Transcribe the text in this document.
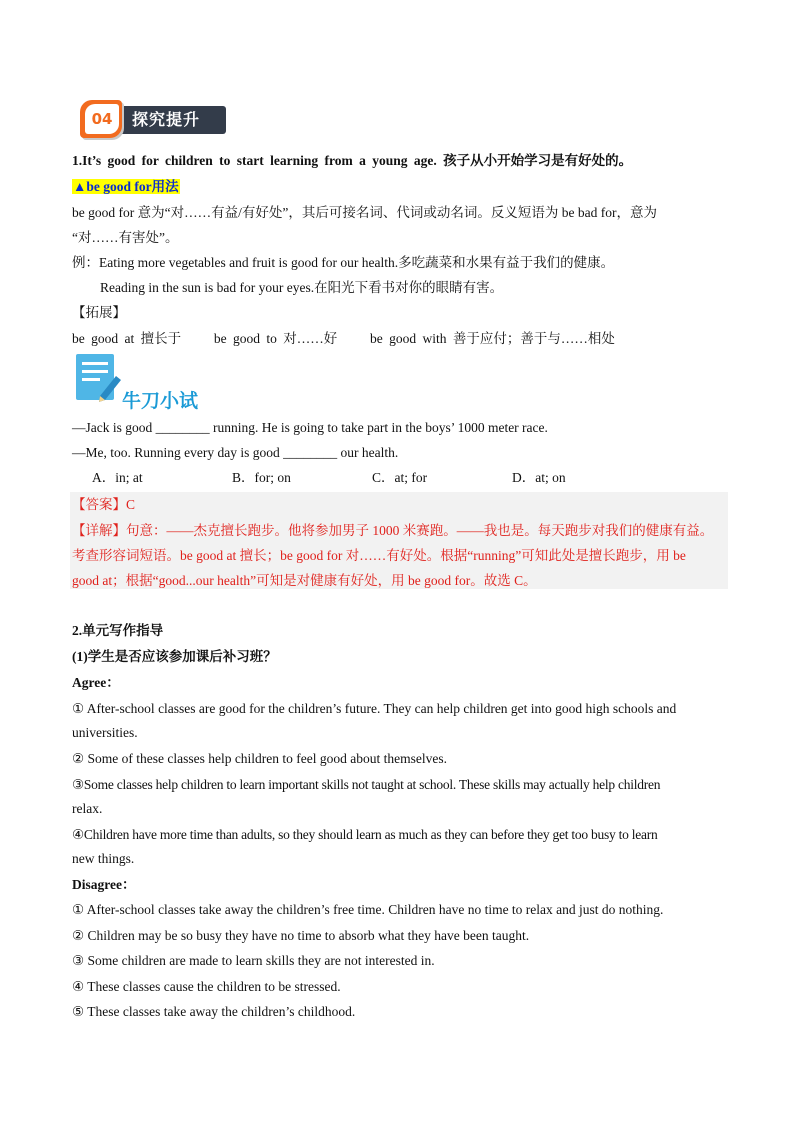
04	探究提升
1.It’s good for children to start learning from a young age. 孩子从小开始学习是有好处的。
▲be good for用法
be good for 意为“对……有益/有好处”，其后可接名词、代词或动名词。反义短语为 be bad for，意为
“对……有害处”。
例：Eating more vegetables and fruit is good for our health.多吃蔬菜和水果有益于我们的健康。
Reading in the sun is bad for your eyes.在阳光下看书对你的眼睛有害。
【拓展】
be good at 擅长于 be good to 对……好 be good with 善于应付；善于与……相处
牛刀小试
—Jack is good ________ running. He is going to take part in the boys’ 1000 meter race.
—Me, too. Running every day is good ________ our health.
A．in; at	B．for; on	C．at; for	D．at; on
【答案】C
【详解】句意：——杰克擅长跑步。他将参加男子 1000 米赛跑。——我也是。每天跑步对我们的健康有益。
考查形容词短语。be good at 擅长；be good for 对……有好处。根据“running”可知此处是擅长跑步，用 be
good at；根据“good...our health”可知是对健康有好处，用 be good for。故选 C。
2.单元写作指导
(1)学生是否应该参加课后补习班？
Agree：
① After-school classes are good for the children’s future. They can help children get into good high schools and
universities.
② Some of these classes help children to feel good about themselves.
③Some classes help children to learn important skills not taught at school. These skills may actually help children
relax.
④Children have more time than adults, so they should learn as much as they can before they get too busy to learn
new things.
Disagree：
① After-school classes take away the children’s free time. Children have no time to relax and just do nothing.
② Children may be so busy they have no time to absorb what they have been taught.
③ Some children are made to learn skills they are not interested in.
④ These classes cause the children to be stressed.
⑤ These classes take away the children’s childhood.
